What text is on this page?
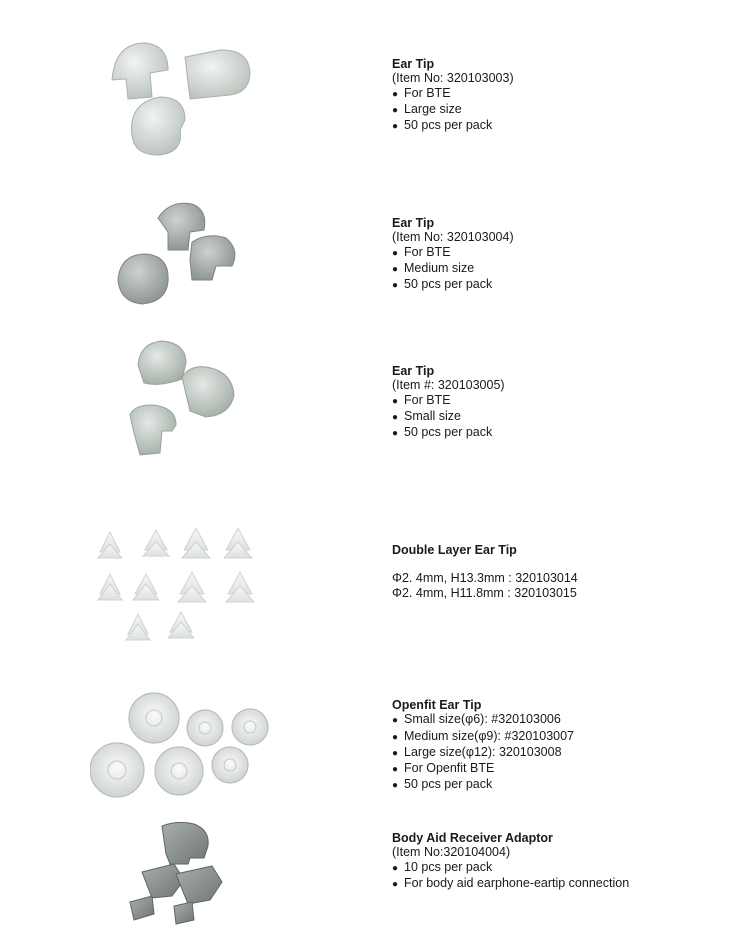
Ear Tip
(Item No: 320103003)
● For BTE
● Large size
● 50 pcs per pack
Ear Tip
(Item No: 320103004)
● For BTE
● Medium size
● 50 pcs per pack
Ear Tip
(Item #: 320103005)
● For BTE
● Small size
● 50 pcs per pack
Double Layer Ear Tip
Φ2. 4mm, H13.3mm : 320103014
Φ2. 4mm, H11.8mm : 320103015
Openfit Ear Tip
● Small size(φ6): #320103006
● Medium size(φ9): #320103007
● Large size(φ12): 320103008
● For Openfit BTE
● 50 pcs per pack
Body Aid Receiver Adaptor
(Item No:320104004)
● 10 pcs per pack
● For body aid earphone-eartip connection
